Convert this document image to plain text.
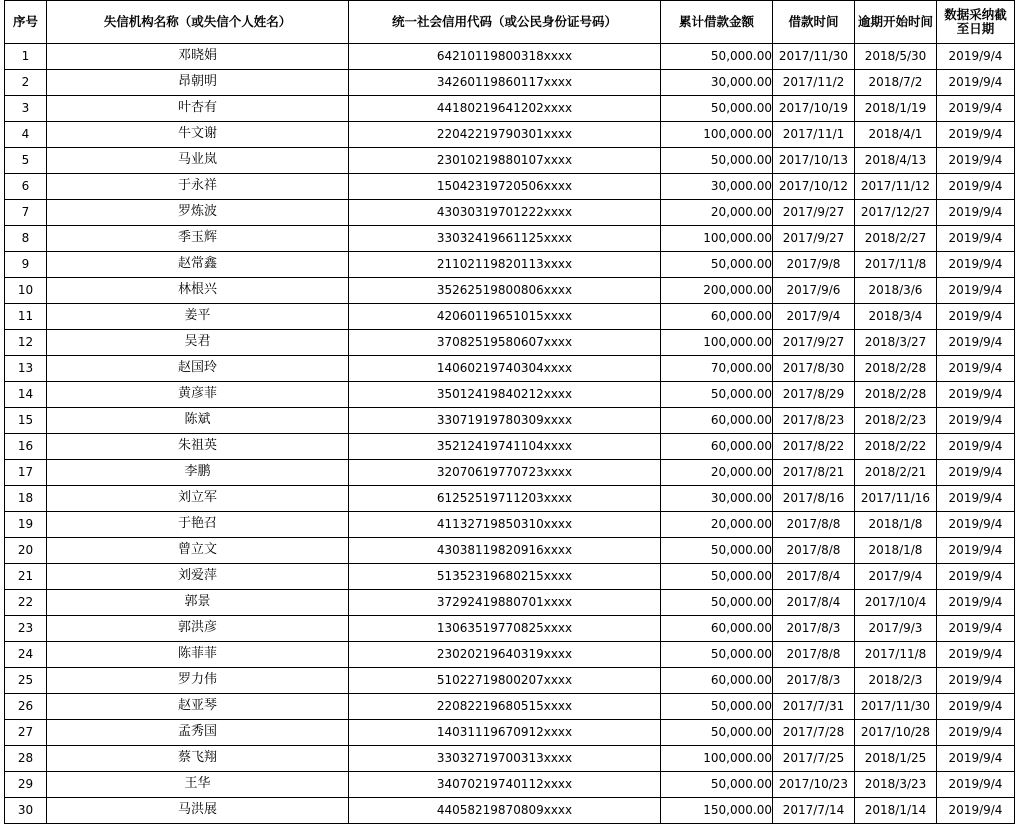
序号	失信机构名称（或失信个人姓名）	统一社会信用代码（或公民身份证号码）	累计借款金额	借款时间	逾期开始时间	数据采纳截至日期
1	邓晓娟	64210119800318xxxx	50,000.00	2017/11/30	2018/5/30	2019/9/4
2	昂朝明	34260119860117xxxx	30,000.00	2017/11/2	2018/7/2	2019/9/4
3	叶杏有	44180219641202xxxx	50,000.00	2017/10/19	2018/1/19	2019/9/4
4	牛文谢	22042219790301xxxx	100,000.00	2017/11/1	2018/4/1	2019/9/4
5	马业岚	23010219880107xxxx	50,000.00	2017/10/13	2018/4/13	2019/9/4
6	于永祥	15042319720506xxxx	30,000.00	2017/10/12	2017/11/12	2019/9/4
7	罗炼波	43030319701222xxxx	20,000.00	2017/9/27	2017/12/27	2019/9/4
8	季玉辉	33032419661125xxxx	100,000.00	2017/9/27	2018/2/27	2019/9/4
9	赵常鑫	21102119820113xxxx	50,000.00	2017/9/8	2017/11/8	2019/9/4
10	林根兴	35262519800806xxxx	200,000.00	2017/9/6	2018/3/6	2019/9/4
11	姜平	42060119651015xxxx	60,000.00	2017/9/4	2018/3/4	2019/9/4
12	吴君	37082519580607xxxx	100,000.00	2017/9/27	2018/3/27	2019/9/4
13	赵国玲	14060219740304xxxx	70,000.00	2017/8/30	2018/2/28	2019/9/4
14	黄彦菲	35012419840212xxxx	50,000.00	2017/8/29	2018/2/28	2019/9/4
15	陈斌	33071919780309xxxx	60,000.00	2017/8/23	2018/2/23	2019/9/4
16	朱祖英	35212419741104xxxx	60,000.00	2017/8/22	2018/2/22	2019/9/4
17	李鹏	32070619770723xxxx	20,000.00	2017/8/21	2018/2/21	2019/9/4
18	刘立军	61252519711203xxxx	30,000.00	2017/8/16	2017/11/16	2019/9/4
19	于艳召	41132719850310xxxx	20,000.00	2017/8/8	2018/1/8	2019/9/4
20	曾立文	43038119820916xxxx	50,000.00	2017/8/8	2018/1/8	2019/9/4
21	刘爱萍	51352319680215xxxx	50,000.00	2017/8/4	2017/9/4	2019/9/4
22	郭景	37292419880701xxxx	50,000.00	2017/8/4	2017/10/4	2019/9/4
23	郭洪彦	13063519770825xxxx	60,000.00	2017/8/3	2017/9/3	2019/9/4
24	陈菲菲	23020219640319xxxx	50,000.00	2017/8/8	2017/11/8	2019/9/4
25	罗力伟	51022719800207xxxx	60,000.00	2017/8/3	2018/2/3	2019/9/4
26	赵亚琴	22082219680515xxxx	50,000.00	2017/7/31	2017/11/30	2019/9/4
27	孟秀国	14031119670912xxxx	50,000.00	2017/7/28	2017/10/28	2019/9/4
28	蔡飞翔	33032719700313xxxx	100,000.00	2017/7/25	2018/1/25	2019/9/4
29	王华	34070219740112xxxx	50,000.00	2017/10/23	2018/3/23	2019/9/4
30	马洪展	44058219870809xxxx	150,000.00	2017/7/14	2018/1/14	2019/9/4
